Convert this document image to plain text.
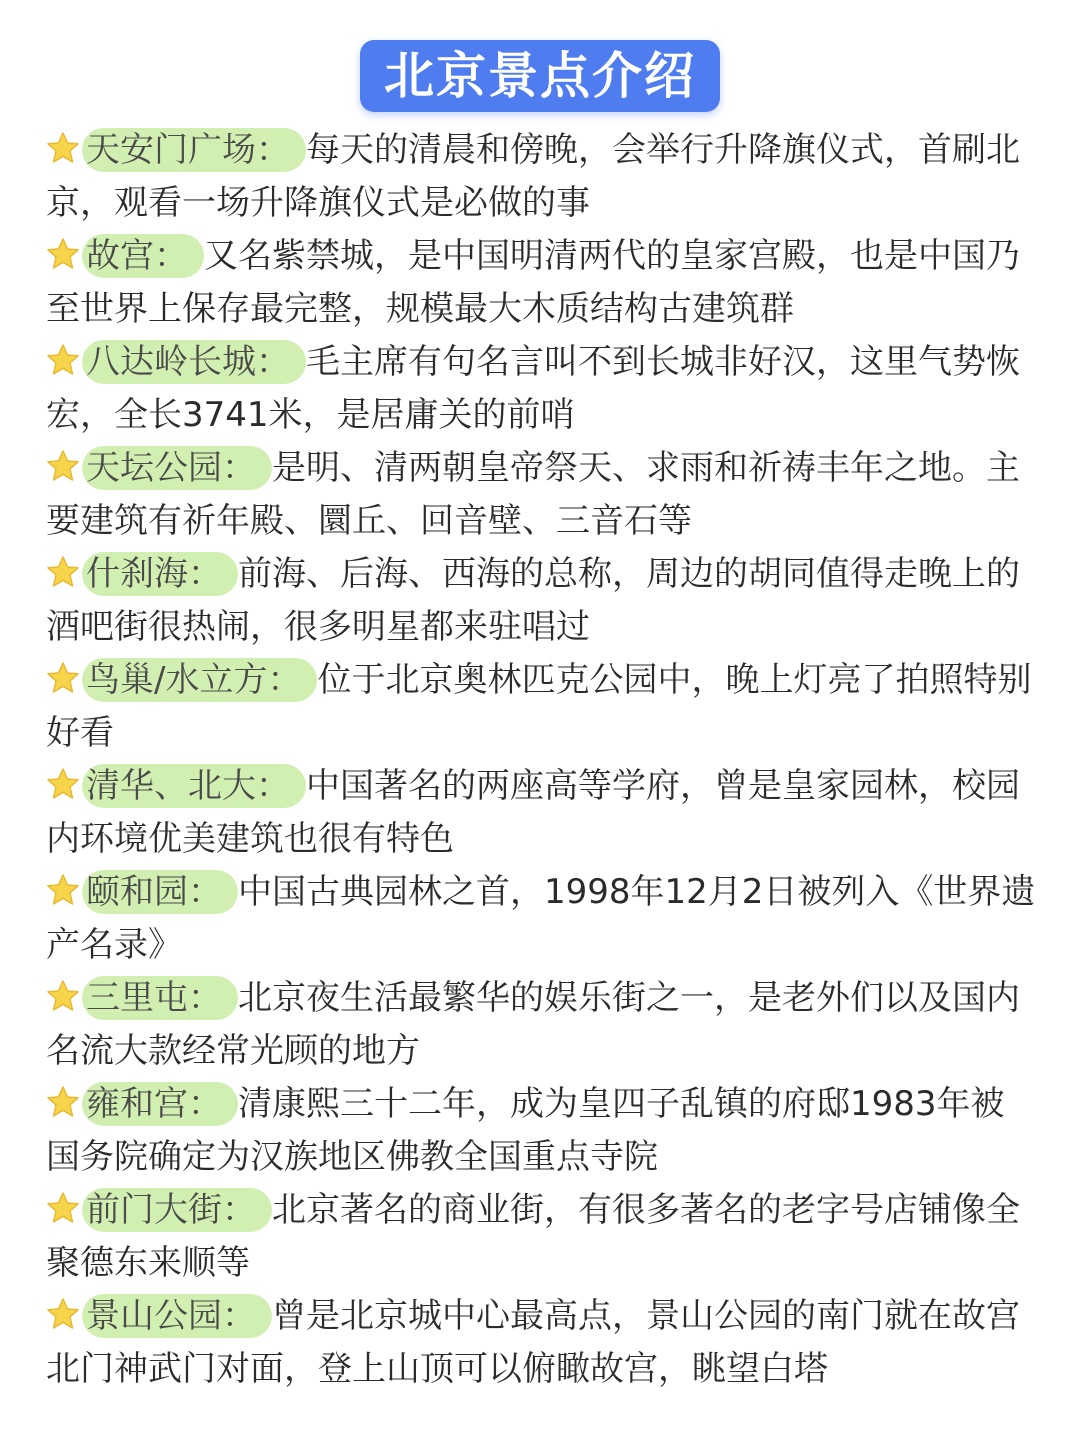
北京景点介绍
天安门广场： 每天的清晨和傍晚，会举行升降旗仪式，首刷北京，观看一场升降旗仪式是必做的事
故宫： 又名紫禁城，是中国明清两代的皇家宫殿，也是中国乃至世界上保存最完整，规模最大木质结构古建筑群
八达岭长城： 毛主席有句名言叫不到长城非好汉，这里气势恢宏，全长3741米，是居庸关的前哨
天坛公园： 是明、清两朝皇帝祭天、求雨和祈祷丰年之地。主要建筑有祈年殿、圜丘、回音壁、三音石等
什刹海： 前海、后海、西海的总称，周边的胡同值得走晚上的酒吧街很热闹，很多明星都来驻唱过
鸟巢/水立方： 位于北京奥林匹克公园中，晚上灯亮了拍照特别好看
清华、北大： 中国著名的两座高等学府，曾是皇家园林，校园内环境优美建筑也很有特色
颐和园： 中国古典园林之首，1998年12月2日被列入《世界遗产名录》
三里屯： 北京夜生活最繁华的娱乐街之一，是老外们以及国内名流大款经常光顾的地方
雍和宫： 清康熙三十二年，成为皇四子乱镇的府邸1983年被国务院确定为汉族地区佛教全国重点寺院
前门大街： 北京著名的商业街，有很多著名的老字号店铺像全聚德东来顺等
景山公园： 曾是北京城中心最高点，景山公园的南门就在故宫北门神武门对面，登上山顶可以俯瞰故宫，眺望白塔
